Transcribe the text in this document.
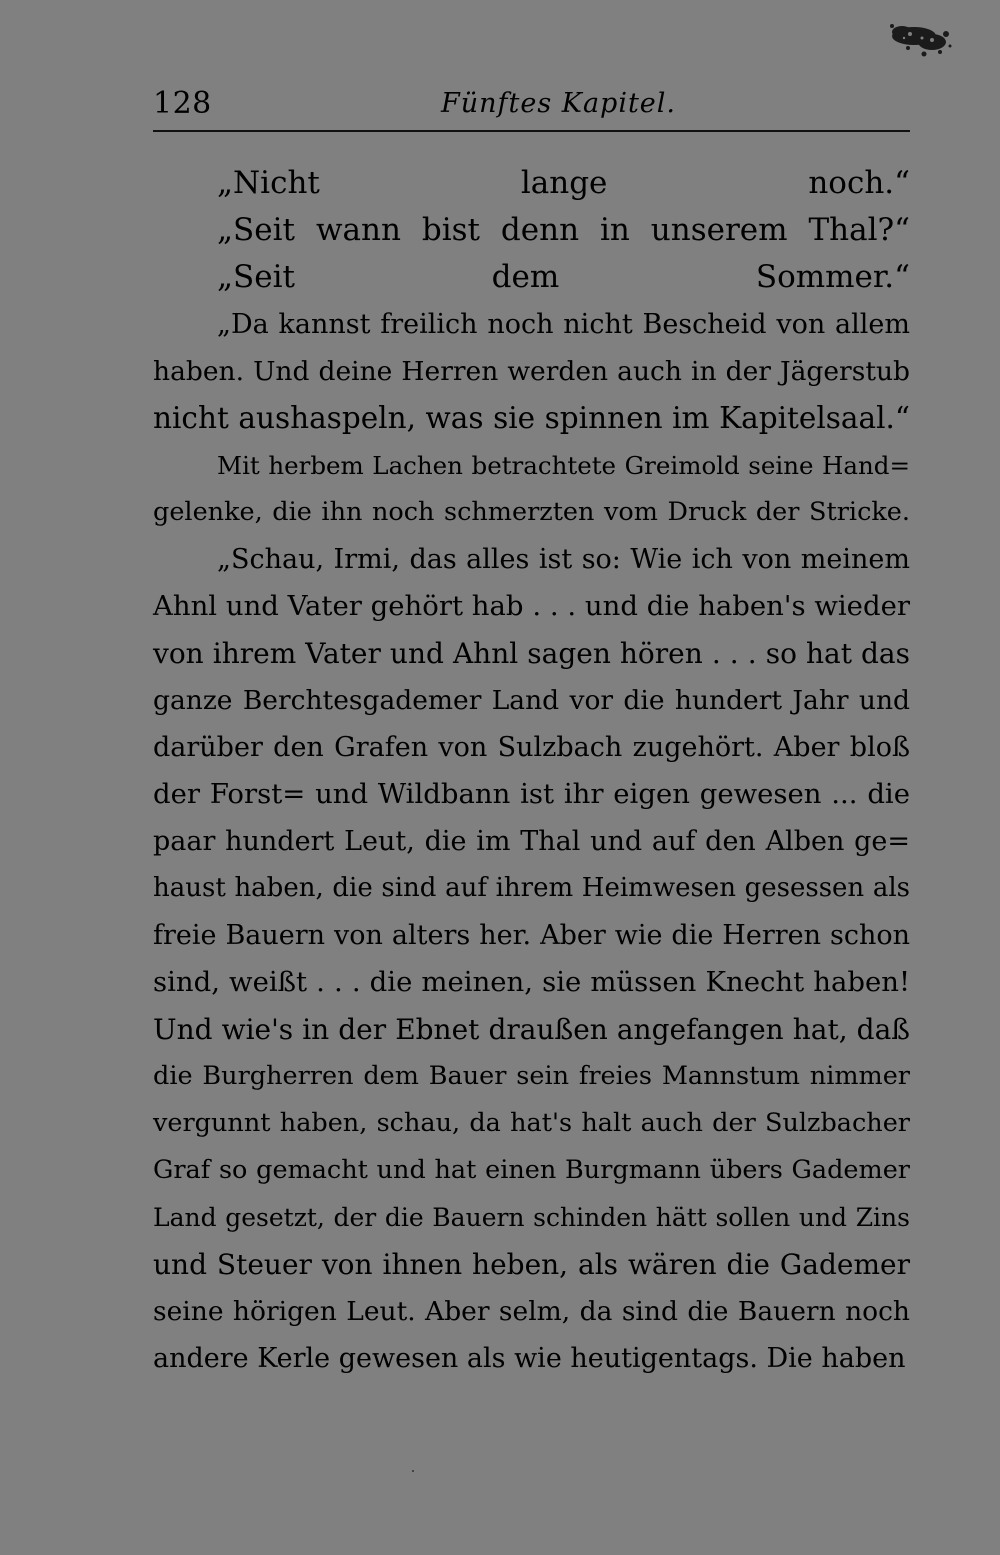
128	Fünftes Kapitel.
„Nicht lange noch.“
„Seit wann bist denn in unserem Thal?“
„Seit dem Sommer.“
„Da kannst freilich noch nicht Bescheid von allem
haben. Und deine Herren werden auch in der Jägerstub
nicht aushaspeln, was sie spinnen im Kapitelsaal.“
Mit herbem Lachen betrachtete Greimold seine Hand=
gelenke, die ihn noch schmerzten vom Druck der Stricke.
„Schau, Irmi, das alles ist so: Wie ich von meinem
Ahnl und Vater gehört hab . . . und die haben's wieder
von ihrem Vater und Ahnl sagen hören . . . so hat das
ganze Berchtesgademer Land vor die hundert Jahr und
darüber den Grafen von Sulzbach zugehört. Aber bloß
der Forst= und Wildbann ist ihr eigen gewesen ... die
paar hundert Leut, die im Thal und auf den Alben ge=
haust haben, die sind auf ihrem Heimwesen gesessen als
freie Bauern von alters her. Aber wie die Herren schon
sind, weißt . . . die meinen, sie müssen Knecht haben!
Und wie's in der Ebnet draußen angefangen hat, daß
die Burgherren dem Bauer sein freies Mannstum nimmer
vergunnt haben, schau, da hat's halt auch der Sulzbacher
Graf so gemacht und hat einen Burgmann übers Gademer
Land gesetzt, der die Bauern schinden hätt sollen und Zins
und Steuer von ihnen heben, als wären die Gademer
seine hörigen Leut. Aber selm, da sind die Bauern noch
andere Kerle gewesen als wie heutigentags. Die haben
